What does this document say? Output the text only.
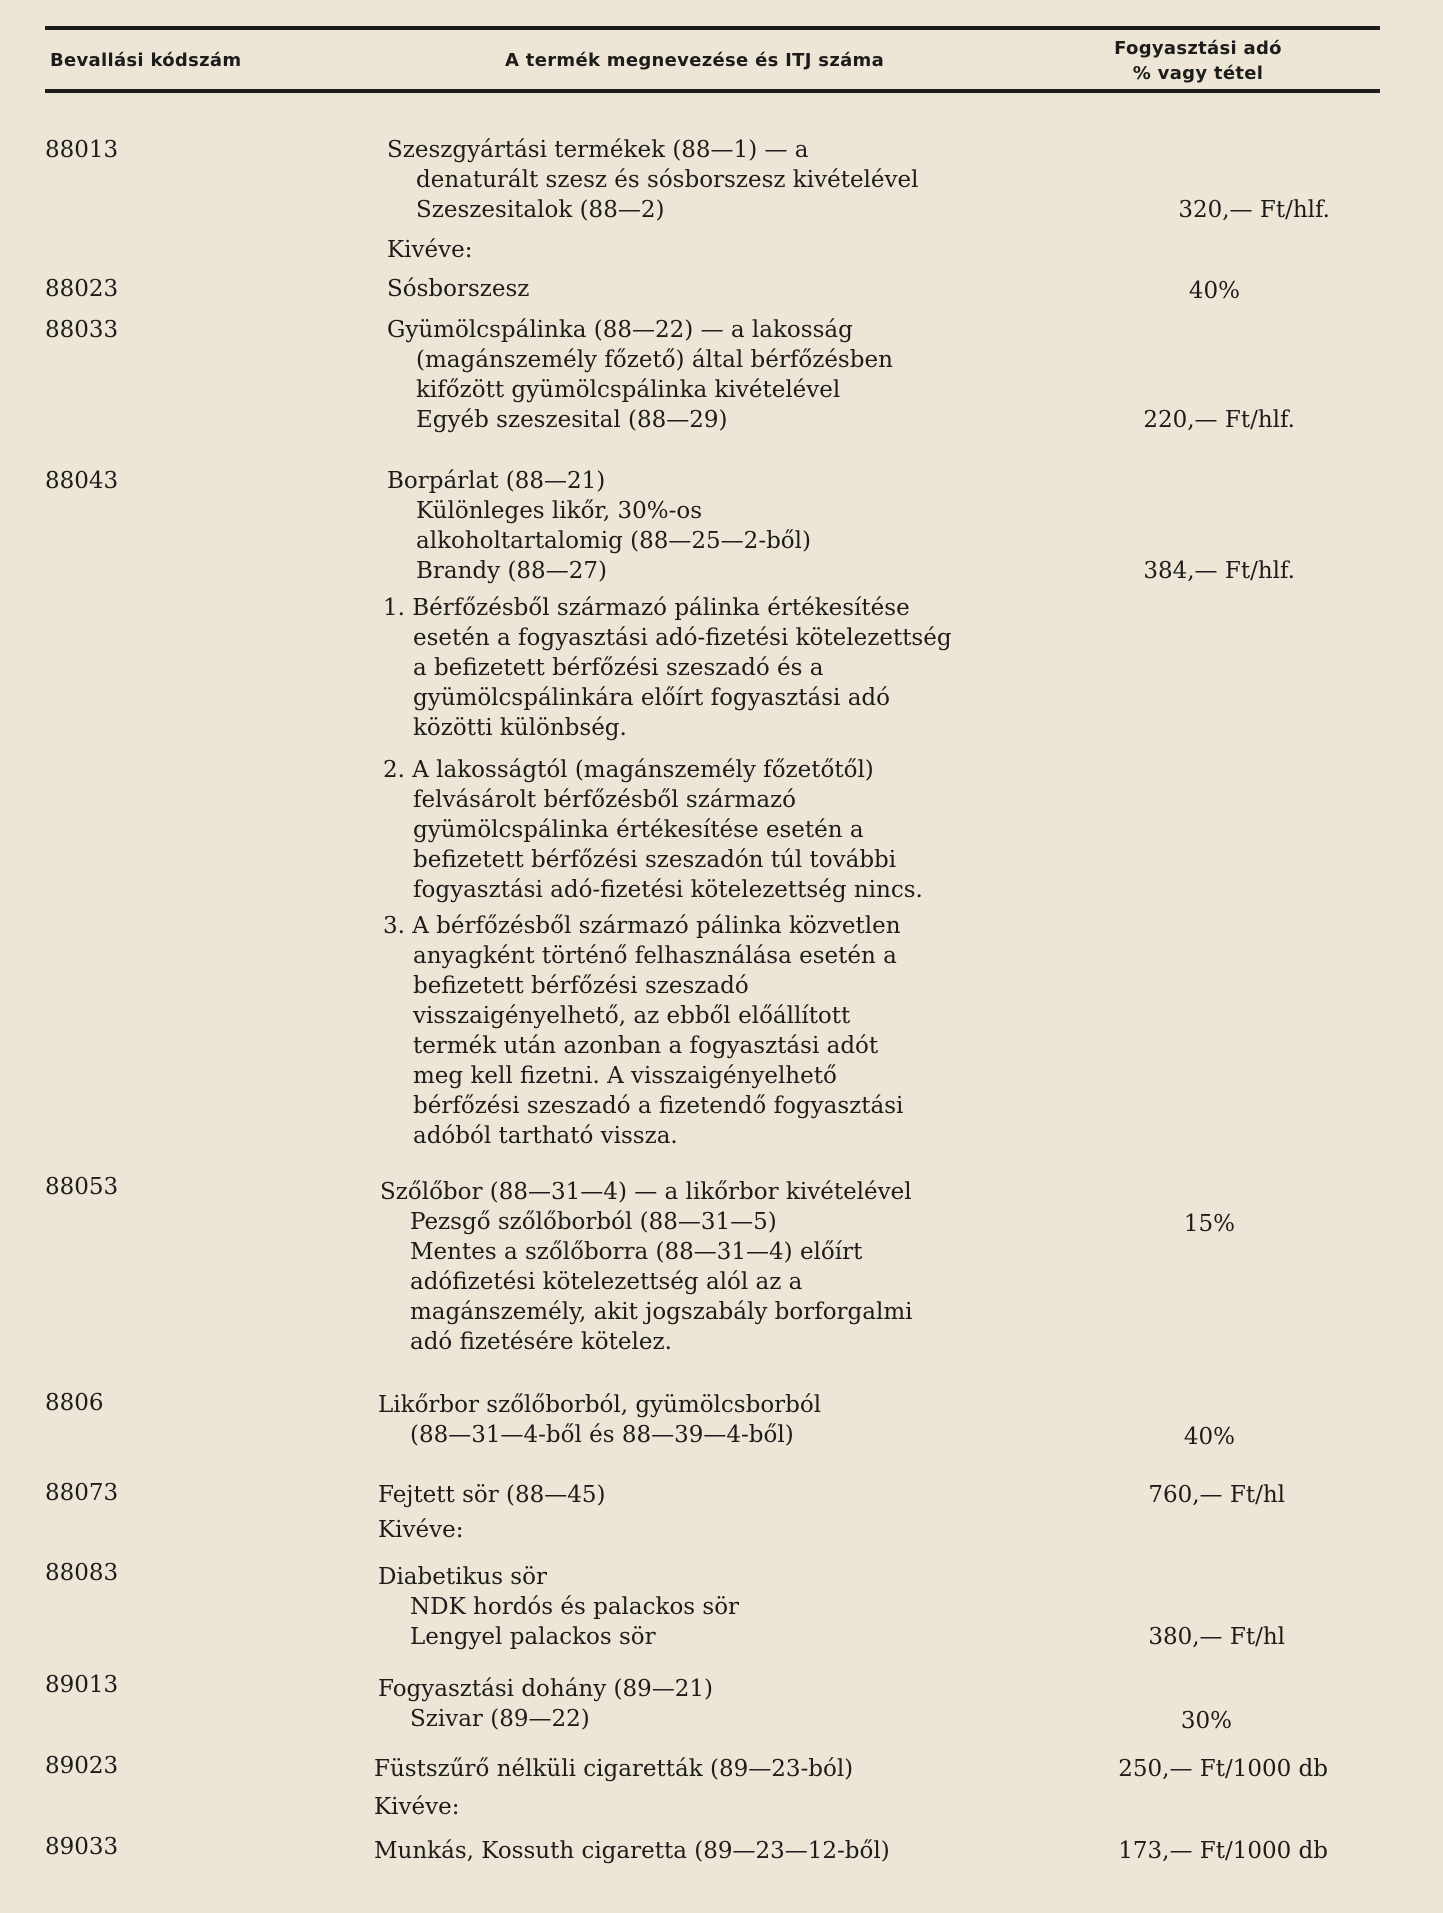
Bevallási kódszám	A termék megnevezése és ITJ száma
Fogyasztási adó
% vagy tétel
88013
88023
88033
88043
88053
8806
88073
88083
89013
89023
89033
Szeszgyártási termékek (88—1) — a
denaturált szesz és sósborszesz kivételével
Szeszesitalok (88—2)
Kivéve:
Sósborszesz
Gyümölcspálinka (88—22) — a lakosság
(magánszemély főzető) által bérfőzésben
kifőzött gyümölcspálinka kivételével
Egyéb szeszesital (88—29)
Borpárlat (88—21)
Különleges likőr, 30%-os
alkoholtartalomig (88—25—2-ből)
Brandy (88—27)
1. Bérfőzésből származó pálinka értékesítése
esetén a fogyasztási adó-fizetési kötelezettség
a befizetett bérfőzési szeszadó és a
gyümölcspálinkára előírt fogyasztási adó
közötti különbség.
2. A lakosságtól (magánszemély főzetőtől)
felvásárolt bérfőzésből származó
gyümölcspálinka értékesítése esetén a
befizetett bérfőzési szeszadón túl további
fogyasztási adó-fizetési kötelezettség nincs.
3. A bérfőzésből származó pálinka közvetlen
anyagként történő felhasználása esetén a
befizetett bérfőzési szeszadó
visszaigényelhető, az ebből előállított
termék után azonban a fogyasztási adót
meg kell fizetni. A visszaigényelhető
bérfőzési szeszadó a fizetendő fogyasztási
adóból tartható vissza.
Szőlőbor (88—31—4) — a likőrbor kivételével
Pezsgő szőlőborból (88—31—5)
Mentes a szőlőborra (88—31—4) előírt
adófizetési kötelezettség alól az a
magánszemély, akit jogszabály borforgalmi
adó fizetésére kötelez.
Likőrbor szőlőborból, gyümölcsborból
(88—31—4-ből és 88—39—4-ből)
Fejtett sör (88—45)
Kivéve:
Diabetikus sör
NDK hordós és palackos sör
Lengyel palackos sör
Fogyasztási dohány (89—21)
Szivar (89—22)
Füstszűrő nélküli cigaretták (89—23-ból)
Kivéve:
Munkás, Kossuth cigaretta (89—23—12-ből)
320,— Ft/hlf.
40%
220,— Ft/hlf.
384,— Ft/hlf.
15%
40%
760,— Ft/hl
380,— Ft/hl
30%
250,— Ft/1000 db
173,— Ft/1000 db
